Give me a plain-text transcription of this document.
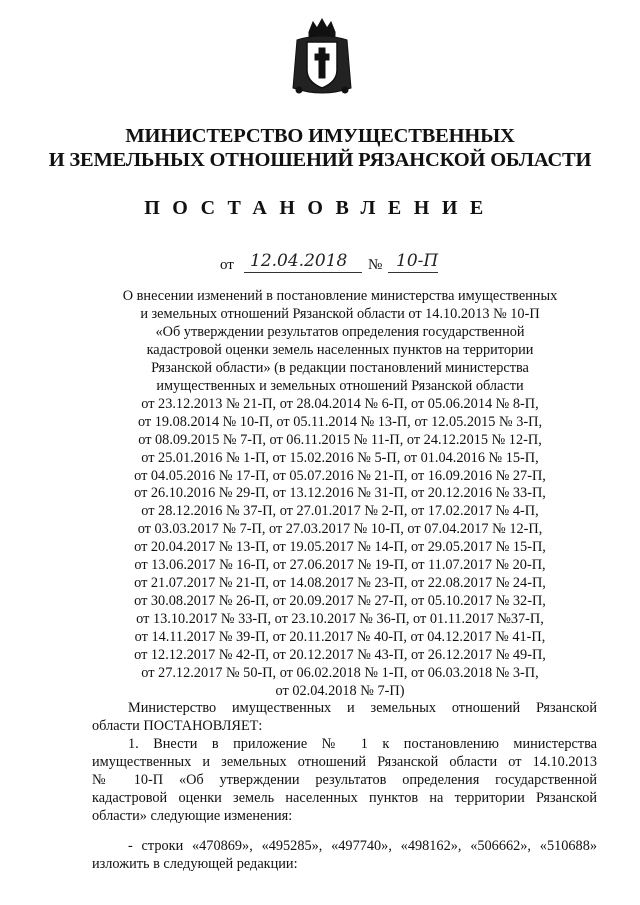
МИНИСТЕРСТВО ИМУЩЕСТВЕННЫХ
И ЗЕМЕЛЬНЫХ ОТНОШЕНИЙ РЯЗАНСКОЙ ОБЛАСТИ
ПОСТАНОВЛЕНИЕ
от 12.04.2018 № 10-П
О внесении изменений в постановление министерства имущественных
и земельных отношений Рязанской области от 14.10.2013 № 10-П
«Об утверждении результатов определения государственной
кадастровой оценки земель населенных пунктов на территории
Рязанской области» (в редакции постановлений министерства
имущественных и земельных отношений Рязанской области
от 23.12.2013 № 21-П, от 28.04.2014 № 6-П, от 05.06.2014 № 8-П,
от 19.08.2014 № 10-П, от 05.11.2014 № 13-П, от 12.05.2015 № 3-П,
от 08.09.2015 № 7-П, от 06.11.2015 № 11-П, от 24.12.2015 № 12-П,
от 25.01.2016 № 1-П, от 15.02.2016 № 5-П, от 01.04.2016 № 15-П,
от 04.05.2016 № 17-П, от 05.07.2016 № 21-П, от 16.09.2016 № 27-П,
от 26.10.2016 № 29-П, от 13.12.2016 № 31-П, от 20.12.2016 № 33-П,
от 28.12.2016 № 37-П, от 27.01.2017 № 2-П, от 17.02.2017 № 4-П,
от 03.03.2017 № 7-П, от 27.03.2017 № 10-П, от 07.04.2017 № 12-П,
от 20.04.2017 № 13-П, от 19.05.2017 № 14-П, от 29.05.2017 № 15-П,
от 13.06.2017 № 16-П, от 27.06.2017 № 19-П, от 11.07.2017 № 20-П,
от 21.07.2017 № 21-П, от 14.08.2017 № 23-П, от 22.08.2017 № 24-П,
от 30.08.2017 № 26-П, от 20.09.2017 № 27-П, от 05.10.2017 № 32-П,
от 13.10.2017 № 33-П, от 23.10.2017 № 36-П, от 01.11.2017 №37-П,
от 14.11.2017 № 39-П, от 20.11.2017 № 40-П, от 04.12.2017 № 41-П,
от 12.12.2017 № 42-П, от 20.12.2017 № 43-П, от 26.12.2017 № 49-П,
от 27.12.2017 № 50-П, от 06.02.2018 № 1-П, от 06.03.2018 № 3-П,
от 02.04.2018 № 7-П)
Министерство имущественных и земельных отношений Рязанской
области ПОСТАНОВЛЯЕТ:
1. Внести в приложение № 1 к постановлению министерства
имущественных и земельных отношений Рязанской области от 14.10.2013
№ 10-П «Об утверждении результатов определения государственной
кадастровой оценки земель населенных пунктов на территории Рязанской
области» следующие изменения:
- строки «470869», «495285», «497740», «498162», «506662», «510688»
изложить в следующей редакции:
